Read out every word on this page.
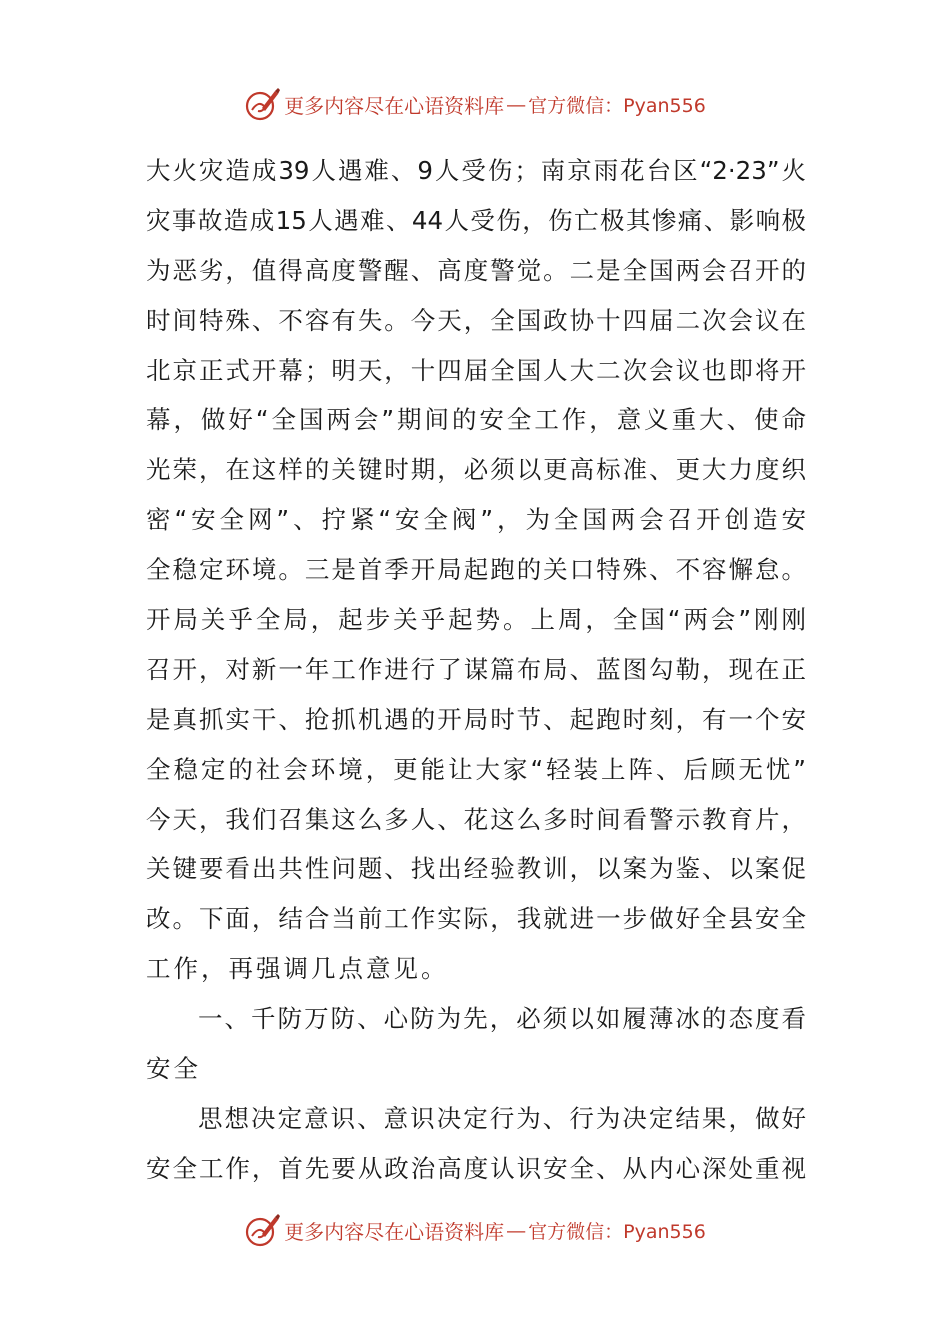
更多内容尽在心语资料库 — 官方微信：Pyan556
大火灾造成39人遇难、9人受伤；南京雨花台区“2·23”火
灾事故造成15人遇难、44人受伤，伤亡极其惨痛、影响极
为恶劣，值得高度警醒、高度警觉。二是全国两会召开的
时间特殊、不容有失。今天，全国政协十四届二次会议在
北京正式开幕；明天，十四届全国人大二次会议也即将开
幕，做好“全国两会”期间的安全工作，意义重大、使命
光荣，在这样的关键时期，必须以更高标准、更大力度织
密“安全网”、拧紧“安全阀”，为全国两会召开创造安
全稳定环境。三是首季开局起跑的关口特殊、不容懈怠。
开局关乎全局，起步关乎起势。上周，全国“两会”刚刚
召开，对新一年工作进行了谋篇布局、蓝图勾勒，现在正
是真抓实干、抢抓机遇的开局时节、起跑时刻，有一个安
全稳定的社会环境，更能让大家“轻装上阵、后顾无忧”
今天，我们召集这么多人、花这么多时间看警示教育片，
关键要看出共性问题、找出经验教训，以案为鉴、以案促
改。下面，结合当前工作实际，我就进一步做好全县安全
工作，再强调几点意见。
一、千防万防、心防为先，必须以如履薄冰的态度看
安全
思想决定意识、意识决定行为、行为决定结果，做好
安全工作，首先要从政治高度认识安全、从内心深处重视
更多内容尽在心语资料库 — 官方微信：Pyan556
